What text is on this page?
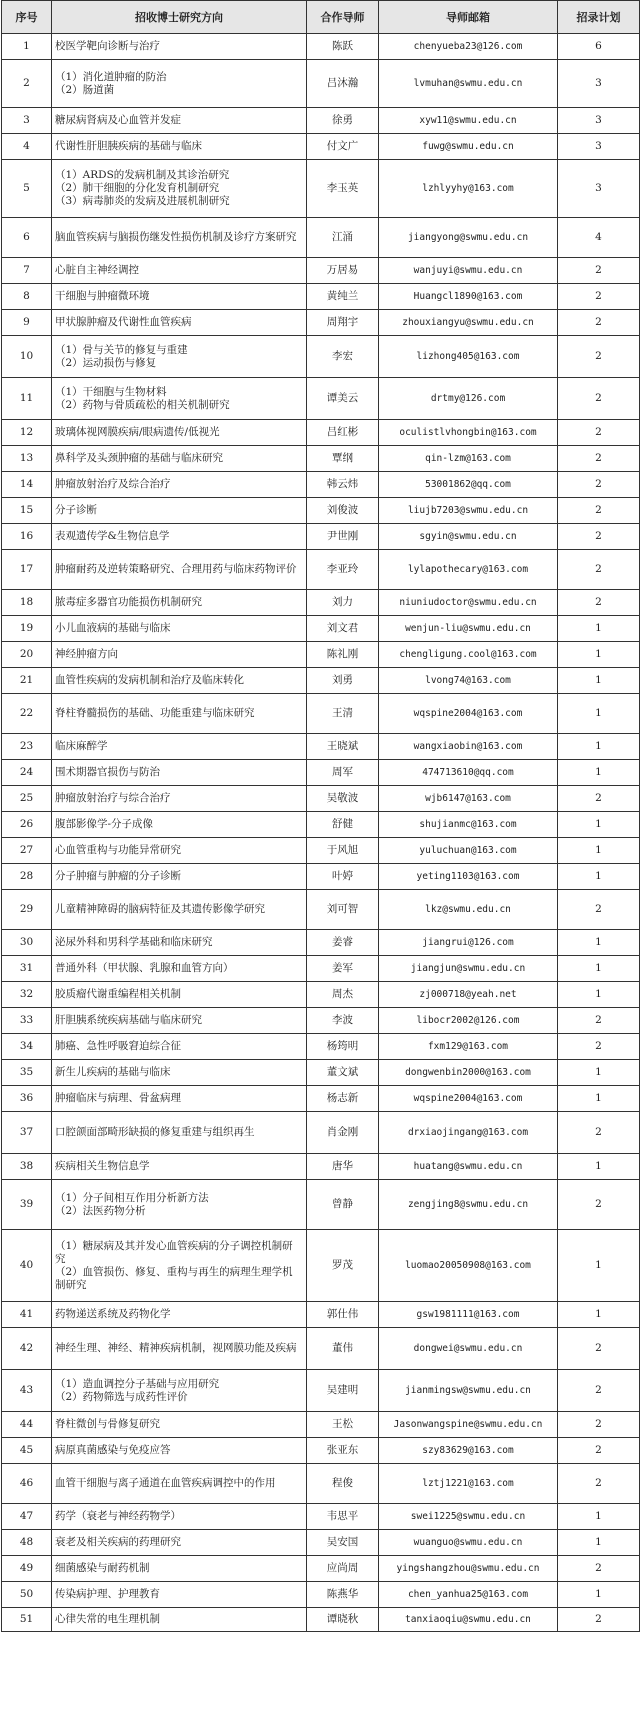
序号	招收博士研究方向	合作导师	导师邮箱	招录计划
1	校医学靶向诊断与治疗	陈跃	chenyueba23@126.com	6
2	（1）消化道肿瘤的防治
（2）肠道菌	吕沐瀚	lvmuhan@swmu.edu.cn	3
3	糖尿病肾病及心血管并发症	徐勇	xyw11@swmu.edu.cn	3
4	代谢性肝胆胰疾病的基础与临床	付文广	fuwg@swmu.edu.cn	3
5	（1）ARDS的发病机制及其诊治研究
（2）肺干细胞的分化发育机制研究
（3）病毒肺炎的发病及进展机制研究	李玉英	lzhlyyhy@163.com	3
6	脑血管疾病与脑损伤继发性损伤机制及诊疗方案研究	江涌	jiangyong@swmu.edu.cn	4
7	心脏自主神经调控	万居易	wanjuyi@swmu.edu.cn	2
8	干细胞与肿瘤微环境	黄纯兰	Huangcl1890@163.com	2
9	甲状腺肿瘤及代谢性血管疾病	周翔宇	zhouxiangyu@swmu.edu.cn	2
10	（1）骨与关节的修复与重建
（2）运动损伤与修复	李宏	lizhong405@163.com	2
11	（1）干细胞与生物材料
（2）药物与骨质疏松的相关机制研究	谭美云	drtmy@126.com	2
12	玻璃体视网膜疾病/眼病遗传/低视光	吕红彬	oculistlvhongbin@163.com	2
13	鼻科学及头颈肿瘤的基础与临床研究	覃纲	qin-lzm@163.com	2
14	肿瘤放射治疗及综合治疗	韩云炜	53001862@qq.com	2
15	分子诊断	刘俊波	liujb7203@swmu.edu.cn	2
16	表观遗传学&生物信息学	尹世刚	sgyin@swmu.edu.cn	2
17	肿瘤耐药及逆转策略研究、合理用药与临床药物评价	李亚玲	lylapothecary@163.com	2
18	脓毒症多器官功能损伤机制研究	刘力	niuniudoctor@swmu.edu.cn	2
19	小儿血液病的基础与临床	刘文君	wenjun-liu@swmu.edu.cn	1
20	神经肿瘤方向	陈礼刚	chengligung.cool@163.com	1
21	血管性疾病的发病机制和治疗及临床转化	刘勇	lvong74@163.com	1
22	脊柱脊髓损伤的基础、功能重建与临床研究	王清	wqspine2004@163.com	1
23	临床麻醉学	王晓斌	wangxiaobin@163.com	1
24	围术期器官损伤与防治	周军	474713610@qq.com	1
25	肿瘤放射治疗与综合治疗	吴敬波	wjb6147@163.com	2
26	腹部影像学-分子成像	舒健	shujianmc@163.com	1
27	心血管重构与功能异常研究	于风旭	yuluchuan@163.com	1
28	分子肿瘤与肿瘤的分子诊断	叶婷	yeting1103@163.com	1
29	儿童精神障碍的脑病特征及其遗传影像学研究	刘可智	lkz@swmu.edu.cn	2
30	泌尿外科和男科学基础和临床研究	姜睿	jiangrui@126.com	1
31	普通外科（甲状腺、乳腺和血管方向）	姜军	jiangjun@swmu.edu.cn	1
32	胶质瘤代谢重编程相关机制	周杰	zj000718@yeah.net	1
33	肝胆胰系统疾病基础与临床研究	李波	libocr2002@126.com	2
34	肺癌、急性呼吸窘迫综合征	杨筠明	fxm129@163.com	2
35	新生儿疾病的基础与临床	董文斌	dongwenbin2000@163.com	1
36	肿瘤临床与病理、骨盆病理	杨志新	wqspine2004@163.com	1
37	口腔颌面部畸形缺损的修复重建与组织再生	肖金刚	drxiaojingang@163.com	2
38	疾病相关生物信息学	唐华	huatang@swmu.edu.cn	1
39	（1）分子间相互作用分析新方法
（2）法医药物分析	曾静	zengjing8@swmu.edu.cn	2
40	（1）糖尿病及其并发心血管疾病的分子调控机制研究
（2）血管损伤、修复、重构与再生的病理生理学机制研究	罗茂	luomao20050908@163.com	1
41	药物递送系统及药物化学	郭仕伟	gsw1981111@163.com	1
42	神经生理、神经、精神疾病机制，视网膜功能及疾病	董伟	dongwei@swmu.edu.cn	2
43	（1）造血调控分子基础与应用研究
（2）药物筛选与成药性评价	吴建明	jianmingsw@swmu.edu.cn	2
44	脊柱微创与骨修复研究	王松	Jasonwangspine@swmu.edu.cn	2
45	病原真菌感染与免疫应答	张亚东	szy83629@163.com	2
46	血管干细胞与离子通道在血管疾病调控中的作用	程俊	lztj1221@163.com	2
47	药学（衰老与神经药物学）	韦思平	swei1225@swmu.edu.cn	1
48	衰老及相关疾病的药理研究	吴安国	wuanguo@swmu.edu.cn	1
49	细菌感染与耐药机制	应尚周	yingshangzhou@swmu.edu.cn	2
50	传染病护理、护理教育	陈燕华	chen_yanhua25@163.com	1
51	心律失常的电生理机制	谭晓秋	tanxiaoqiu@swmu.edu.cn	2
